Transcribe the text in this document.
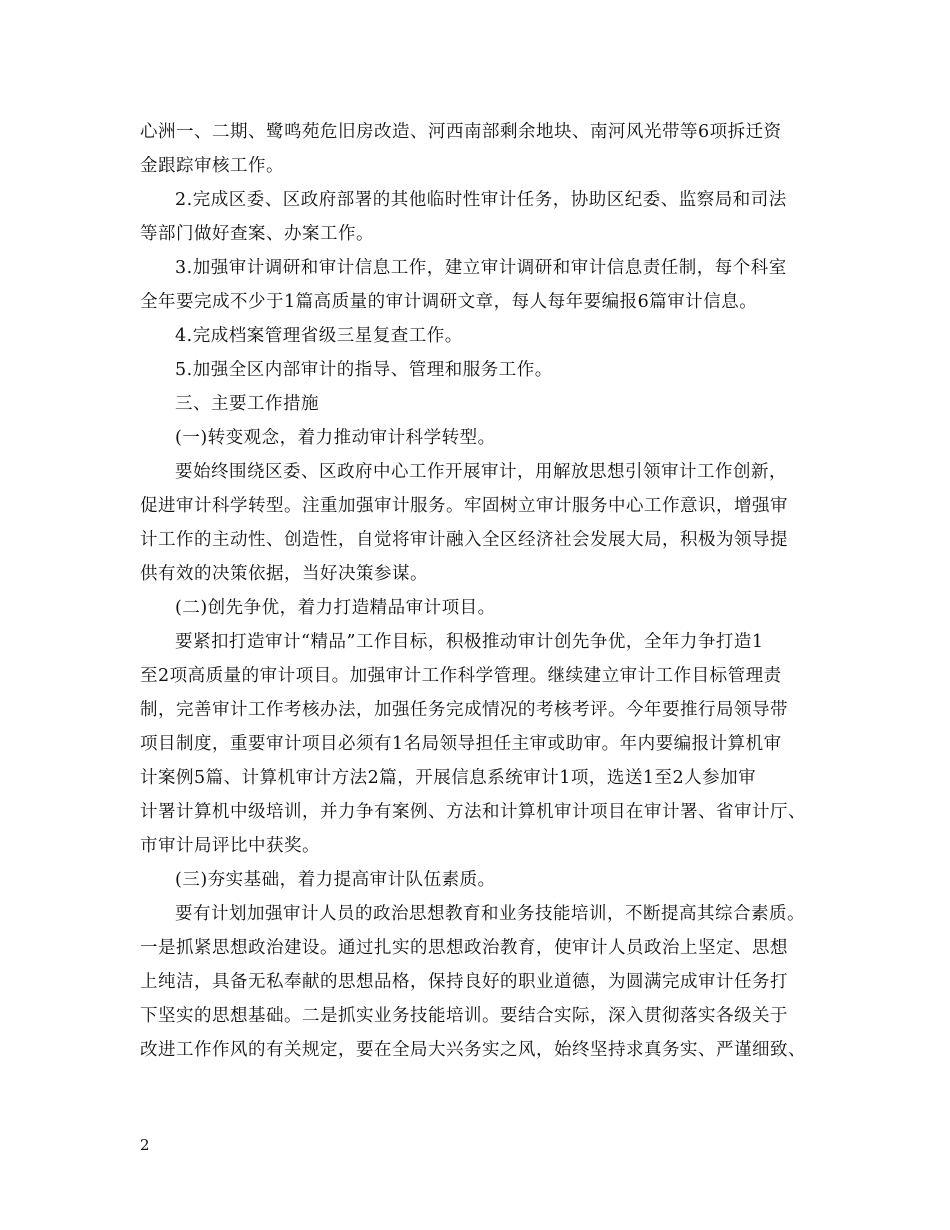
心洲一、二期、鹭鸣苑危旧房改造、河西南部剩余地块、南河风光带等6项拆迁资
金跟踪审核工作。
2.完成区委、区政府部署的其他临时性审计任务，协助区纪委、监察局和司法
等部门做好查案、办案工作。
3.加强审计调研和审计信息工作，建立审计调研和审计信息责任制，每个科室
全年要完成不少于1篇高质量的审计调研文章，每人每年要编报6篇审计信息。
4.完成档案管理省级三星复查工作。
5.加强全区内部审计的指导、管理和服务工作。
三、主要工作措施
(一)转变观念，着力推动审计科学转型。
要始终围绕区委、区政府中心工作开展审计，用解放思想引领审计工作创新，
促进审计科学转型。注重加强审计服务。牢固树立审计服务中心工作意识，增强审
计工作的主动性、创造性，自觉将审计融入全区经济社会发展大局，积极为领导提
供有效的决策依据，当好决策参谋。
(二)创先争优，着力打造精品审计项目。
要紧扣打造审计“精品”工作目标，积极推动审计创先争优，全年力争打造1
至2项高质量的审计项目。加强审计工作科学管理。继续建立审计工作目标管理责
制，完善审计工作考核办法，加强任务完成情况的考核考评。今年要推行局领导带
项目制度，重要审计项目必须有1名局领导担任主审或助审。年内要编报计算机审
计案例5篇、计算机审计方法2篇，开展信息系统审计1项，选送1至2人参加审
计署计算机中级培训，并力争有案例、方法和计算机审计项目在审计署、省审计厅、
市审计局评比中获奖。
(三)夯实基础，着力提高审计队伍素质。
要有计划加强审计人员的政治思想教育和业务技能培训，不断提高其综合素质。
一是抓紧思想政治建设。通过扎实的思想政治教育，使审计人员政治上坚定、思想
上纯洁，具备无私奉献的思想品格，保持良好的职业道德，为圆满完成审计任务打
下坚实的思想基础。二是抓实业务技能培训。要结合实际，深入贯彻落实各级关于
改进工作作风的有关规定，要在全局大兴务实之风，始终坚持求真务实、严谨细致、
2
